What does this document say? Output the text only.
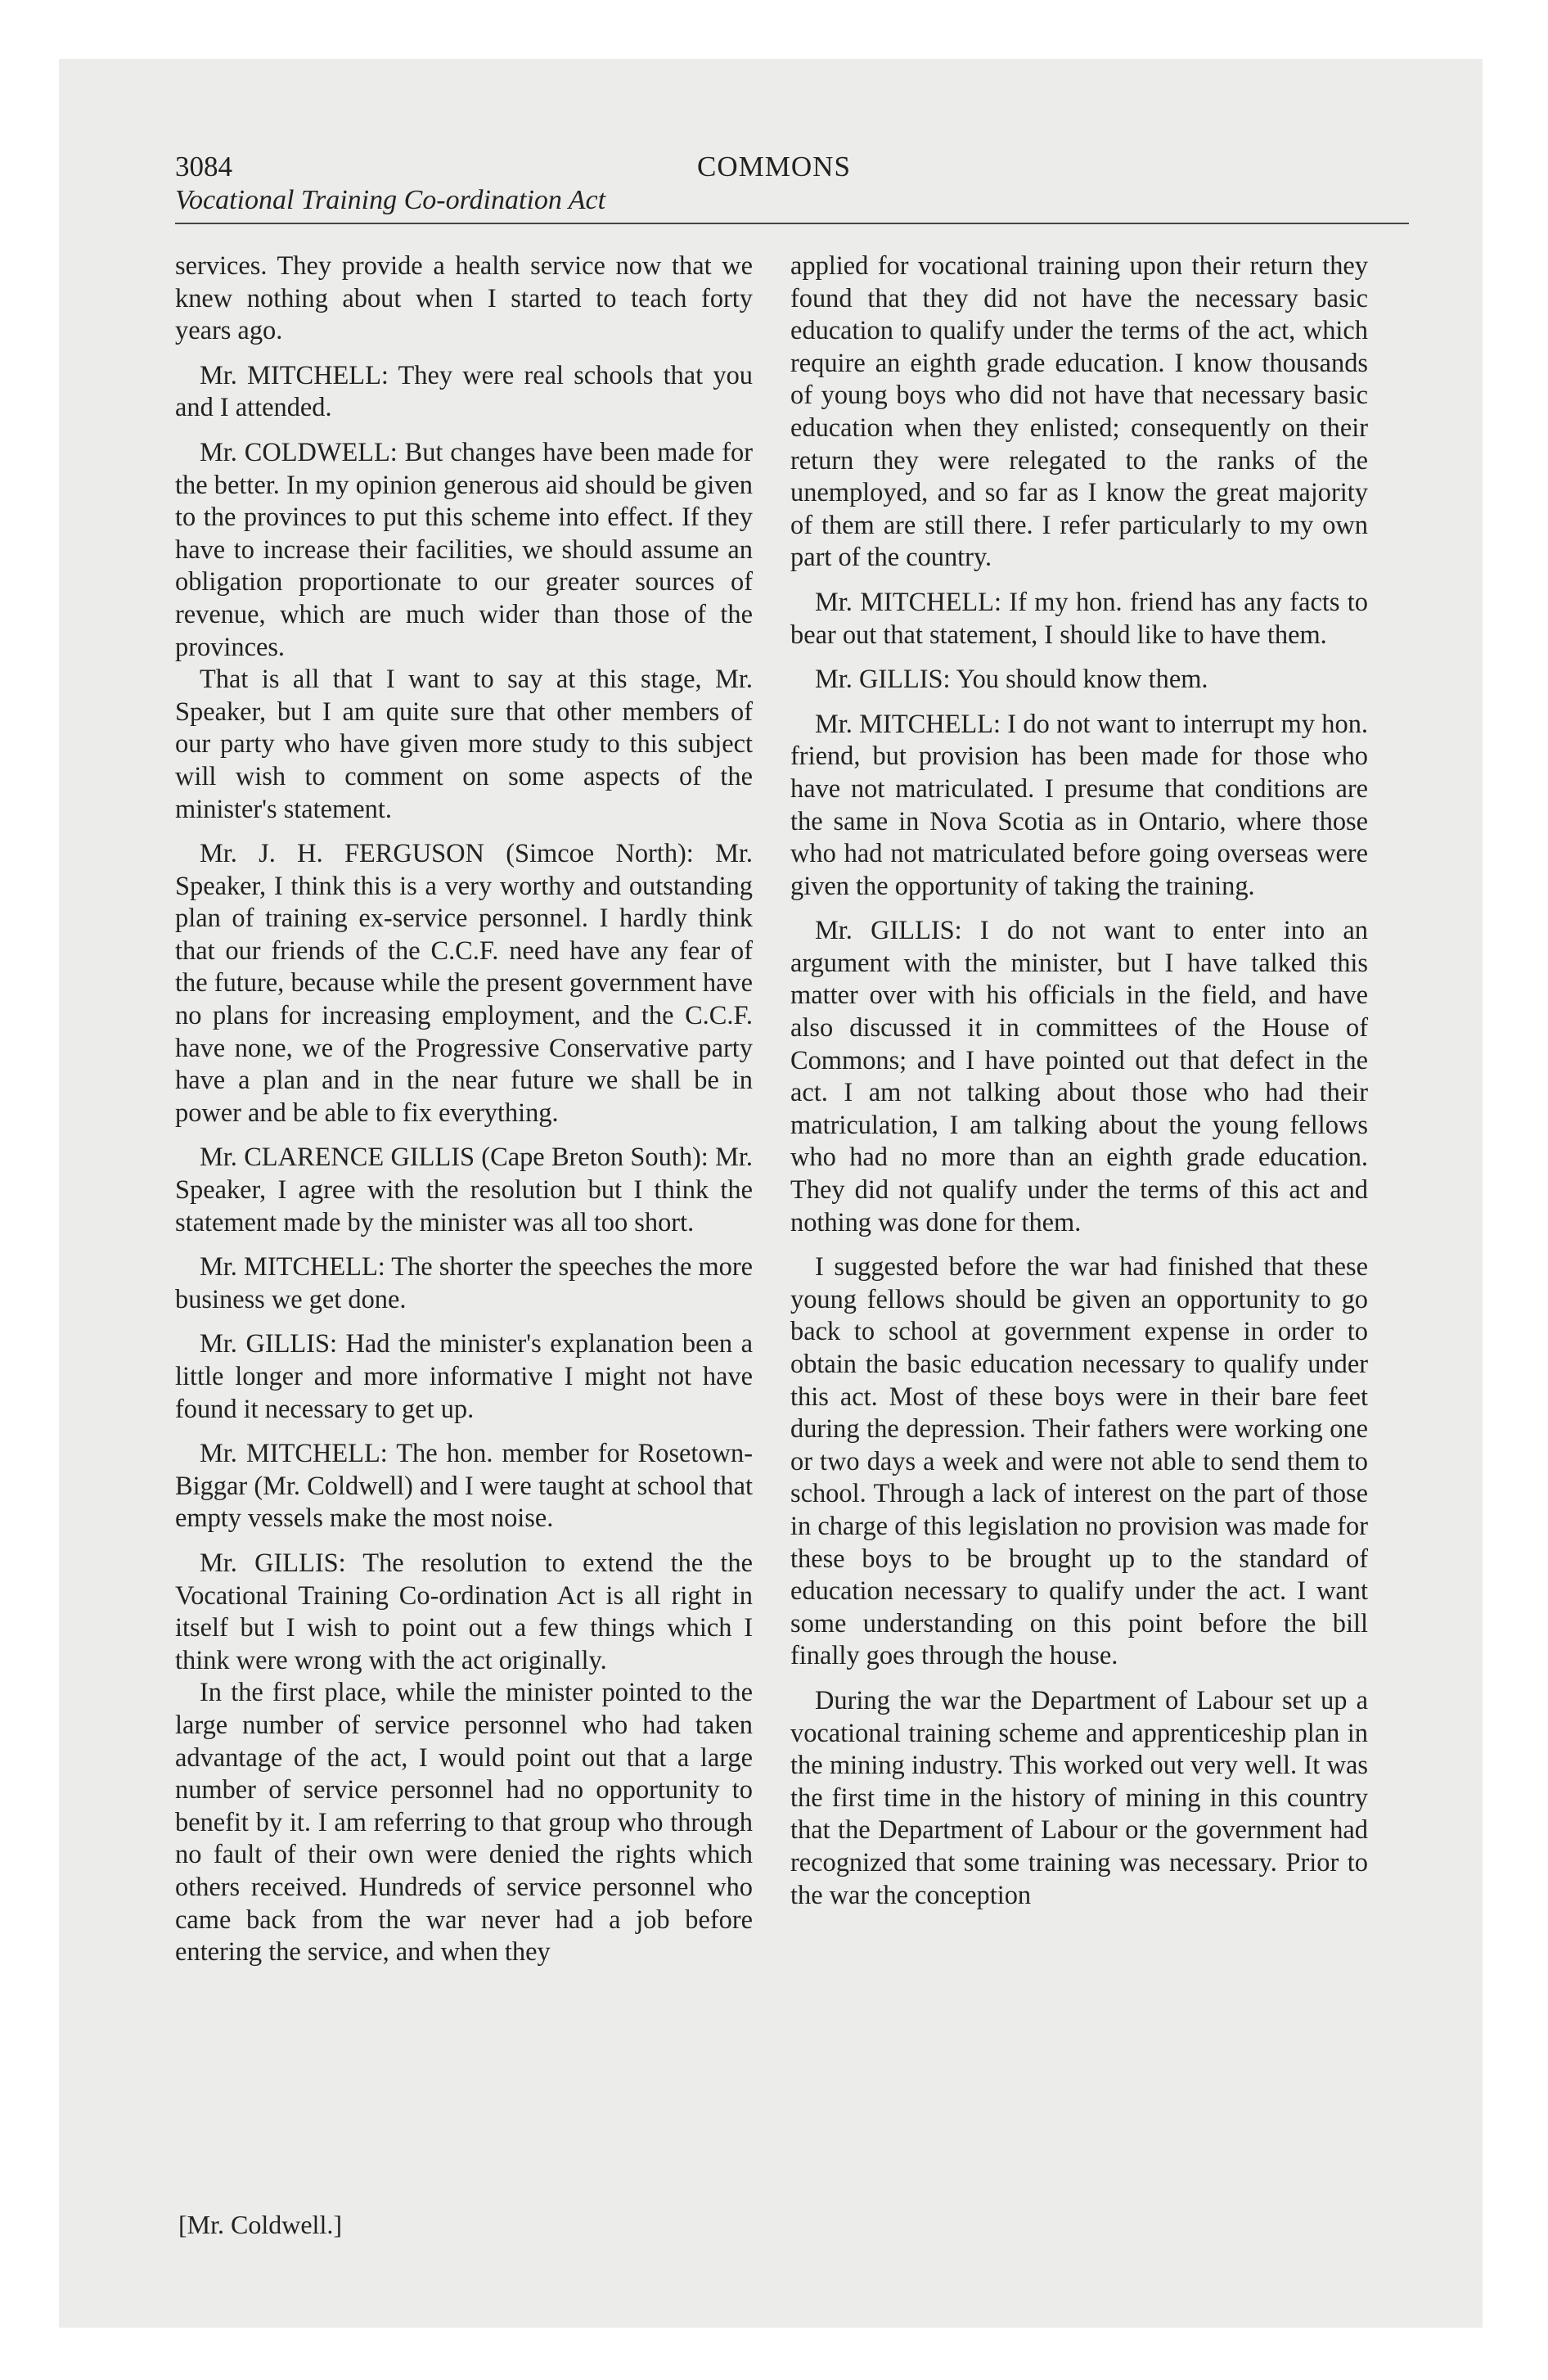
3084	COMMONS
Vocational Training Co-ordination Act

services. They provide a health service now that we knew nothing about when I started to teach forty years ago.

Mr. MITCHELL: They were real schools that you and I attended.

Mr. COLDWELL: But changes have been made for the better. In my opinion generous aid should be given to the provinces to put this scheme into effect. If they have to increase their facilities, we should assume an obligation proportionate to our greater sources of revenue, which are much wider than those of the provinces.

That is all that I want to say at this stage, Mr. Speaker, but I am quite sure that other members of our party who have given more study to this subject will wish to comment on some aspects of the minister's statement.

Mr. J. H. FERGUSON (Simcoe North): Mr. Speaker, I think this is a very worthy and outstanding plan of training ex-service personnel. I hardly think that our friends of the C.C.F. need have any fear of the future, because while the present government have no plans for increasing employment, and the C.C.F. have none, we of the Progressive Conservative party have a plan and in the near future we shall be in power and be able to fix everything.

Mr. CLARENCE GILLIS (Cape Breton South): Mr. Speaker, I agree with the resolution but I think the statement made by the minister was all too short.

Mr. MITCHELL: The shorter the speeches the more business we get done.

Mr. GILLIS: Had the minister's explanation been a little longer and more informative I might not have found it necessary to get up.

Mr. MITCHELL: The hon. member for Rosetown-Biggar (Mr. Coldwell) and I were taught at school that empty vessels make the most noise.

Mr. GILLIS: The resolution to extend the the Vocational Training Co-ordination Act is all right in itself but I wish to point out a few things which I think were wrong with the act originally.

In the first place, while the minister pointed to the large number of service personnel who had taken advantage of the act, I would point out that a large number of service personnel had no opportunity to benefit by it. I am referring to that group who through no fault of their own were denied the rights which others received. Hundreds of service personnel who came back from the war never had a job before entering the service, and when they

applied for vocational training upon their return they found that they did not have the necessary basic education to qualify under the terms of the act, which require an eighth grade education. I know thousands of young boys who did not have that necessary basic education when they enlisted; consequently on their return they were relegated to the ranks of the unemployed, and so far as I know the great majority of them are still there. I refer particularly to my own part of the country.

Mr. MITCHELL: If my hon. friend has any facts to bear out that statement, I should like to have them.

Mr. GILLIS: You should know them.

Mr. MITCHELL: I do not want to interrupt my hon. friend, but provision has been made for those who have not matriculated. I presume that conditions are the same in Nova Scotia as in Ontario, where those who had not matriculated before going overseas were given the opportunity of taking the training.

Mr. GILLIS: I do not want to enter into an argument with the minister, but I have talked this matter over with his officials in the field, and have also discussed it in committees of the House of Commons; and I have pointed out that defect in the act. I am not talking about those who had their matriculation, I am talking about the young fellows who had no more than an eighth grade education. They did not qualify under the terms of this act and nothing was done for them.

I suggested before the war had finished that these young fellows should be given an opportunity to go back to school at government expense in order to obtain the basic education necessary to qualify under this act. Most of these boys were in their bare feet during the depression. Their fathers were working one or two days a week and were not able to send them to school. Through a lack of interest on the part of those in charge of this legislation no provision was made for these boys to be brought up to the standard of education necessary to qualify under the act. I want some understanding on this point before the bill finally goes through the house.

During the war the Department of Labour set up a vocational training scheme and apprenticeship plan in the mining industry. This worked out very well. It was the first time in the history of mining in this country that the Department of Labour or the government had recognized that some training was necessary. Prior to the war the conception

[Mr. Coldwell.]
